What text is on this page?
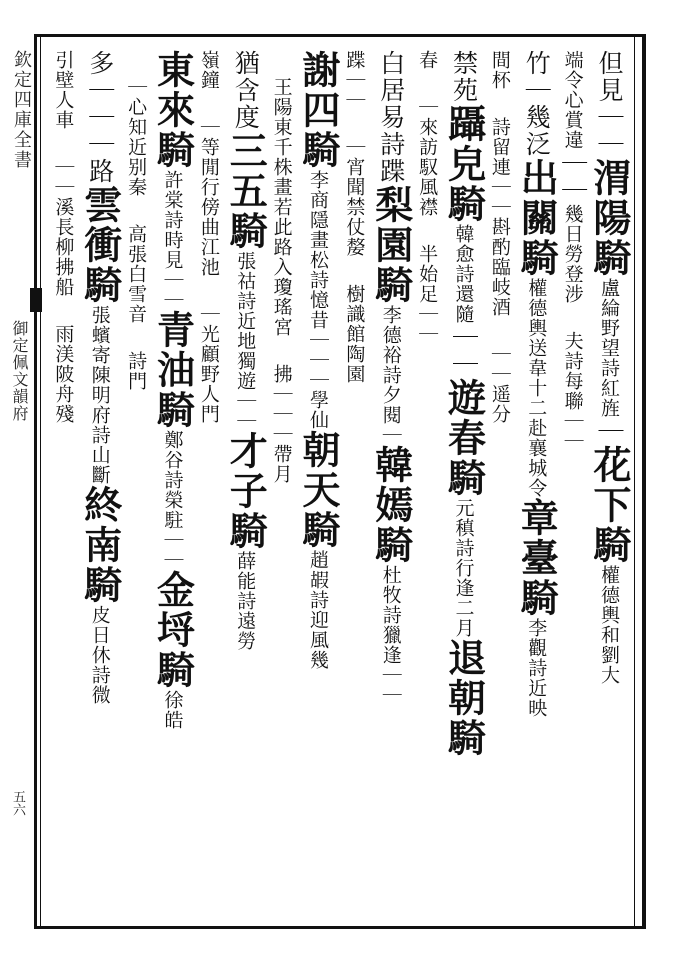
欽定四庫全書
御定佩文韻府
五六
但見｜｜渭陽騎盧綸野望詩紅旌｜花下騎權德輿和劉大
端令心賞違｜｜幾日勞登涉　夫詩每聯｜｜
竹｜幾泛出關騎權德輿送韋十二赴襄城令章臺騎李觀詩近映
間杯　詩留連｜｜斟酌臨岐酒　｜｜遥分
禁苑躡皃騎韓愈詩還隨｜｜遊春騎元稹詩行逢二月退朝騎
春　｜來訪馭風襟　半始足｜｜
白居易詩蹀梨園騎李德裕詩夕閱｜韓嫣騎杜牧詩獵逢｜｜
蹀｜｜　｜宵聞禁仗嫠　樹識館陶園
謝四騎李商隱畫松詩憶昔｜｜｜學仙朝天騎趙嘏詩迎風幾
　王陽東千株畫若此路入瓊瑤宮　拂｜｜｜帶月
猶含度三五騎張祜詩近地獨遊｜｜才子騎薛能詩遠勞
嶺鐘　｜等閒行傍曲江池　｜光顧野人門
東來騎許棠詩時見｜｜青油騎鄭谷詩榮駐｜｜金埒騎徐皓
　｜心知近别秦　高張白雪音　詩門
多｜｜｜路雲衝騎張蠙寄陳明府詩山斷終南騎皮日休詩微
引壁人車　｜｜溪長柳拂船　雨渼陂舟殘
